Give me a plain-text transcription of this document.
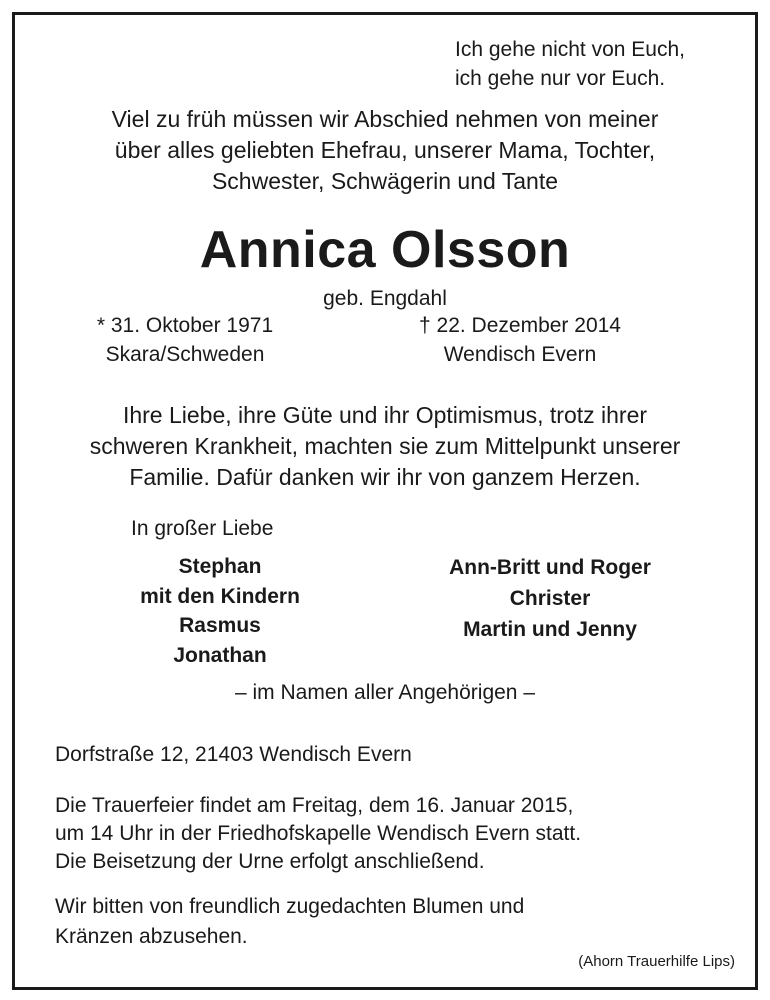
Ich gehe nicht von Euch,
ich gehe nur vor Euch.
Viel zu früh müssen wir Abschied nehmen von meiner
über alles geliebten Ehefrau, unserer Mama, Tochter,
Schwester, Schwägerin und Tante
Annica Olsson
geb. Engdahl
* 31. Oktober 1971
Skara/Schweden
† 22. Dezember 2014
Wendisch Evern
Ihre Liebe, ihre Güte und ihr Optimismus, trotz ihrer
schweren Krankheit, machten sie zum Mittelpunkt unserer
Familie. Dafür danken wir ihr von ganzem Herzen.
In großer Liebe
Stephan
mit den Kindern
Rasmus
Jonathan
Ann-Britt und Roger
Christer
Martin und Jenny
– im Namen aller Angehörigen –
Dorfstraße 12, 21403 Wendisch Evern
Die Trauerfeier findet am Freitag, dem 16. Januar 2015,
um 14 Uhr in der Friedhofskapelle Wendisch Evern statt.
Die Beisetzung der Urne erfolgt anschließend.
Wir bitten von freundlich zugedachten Blumen und
Kränzen abzusehen.
(Ahorn Trauerhilfe Lips)
